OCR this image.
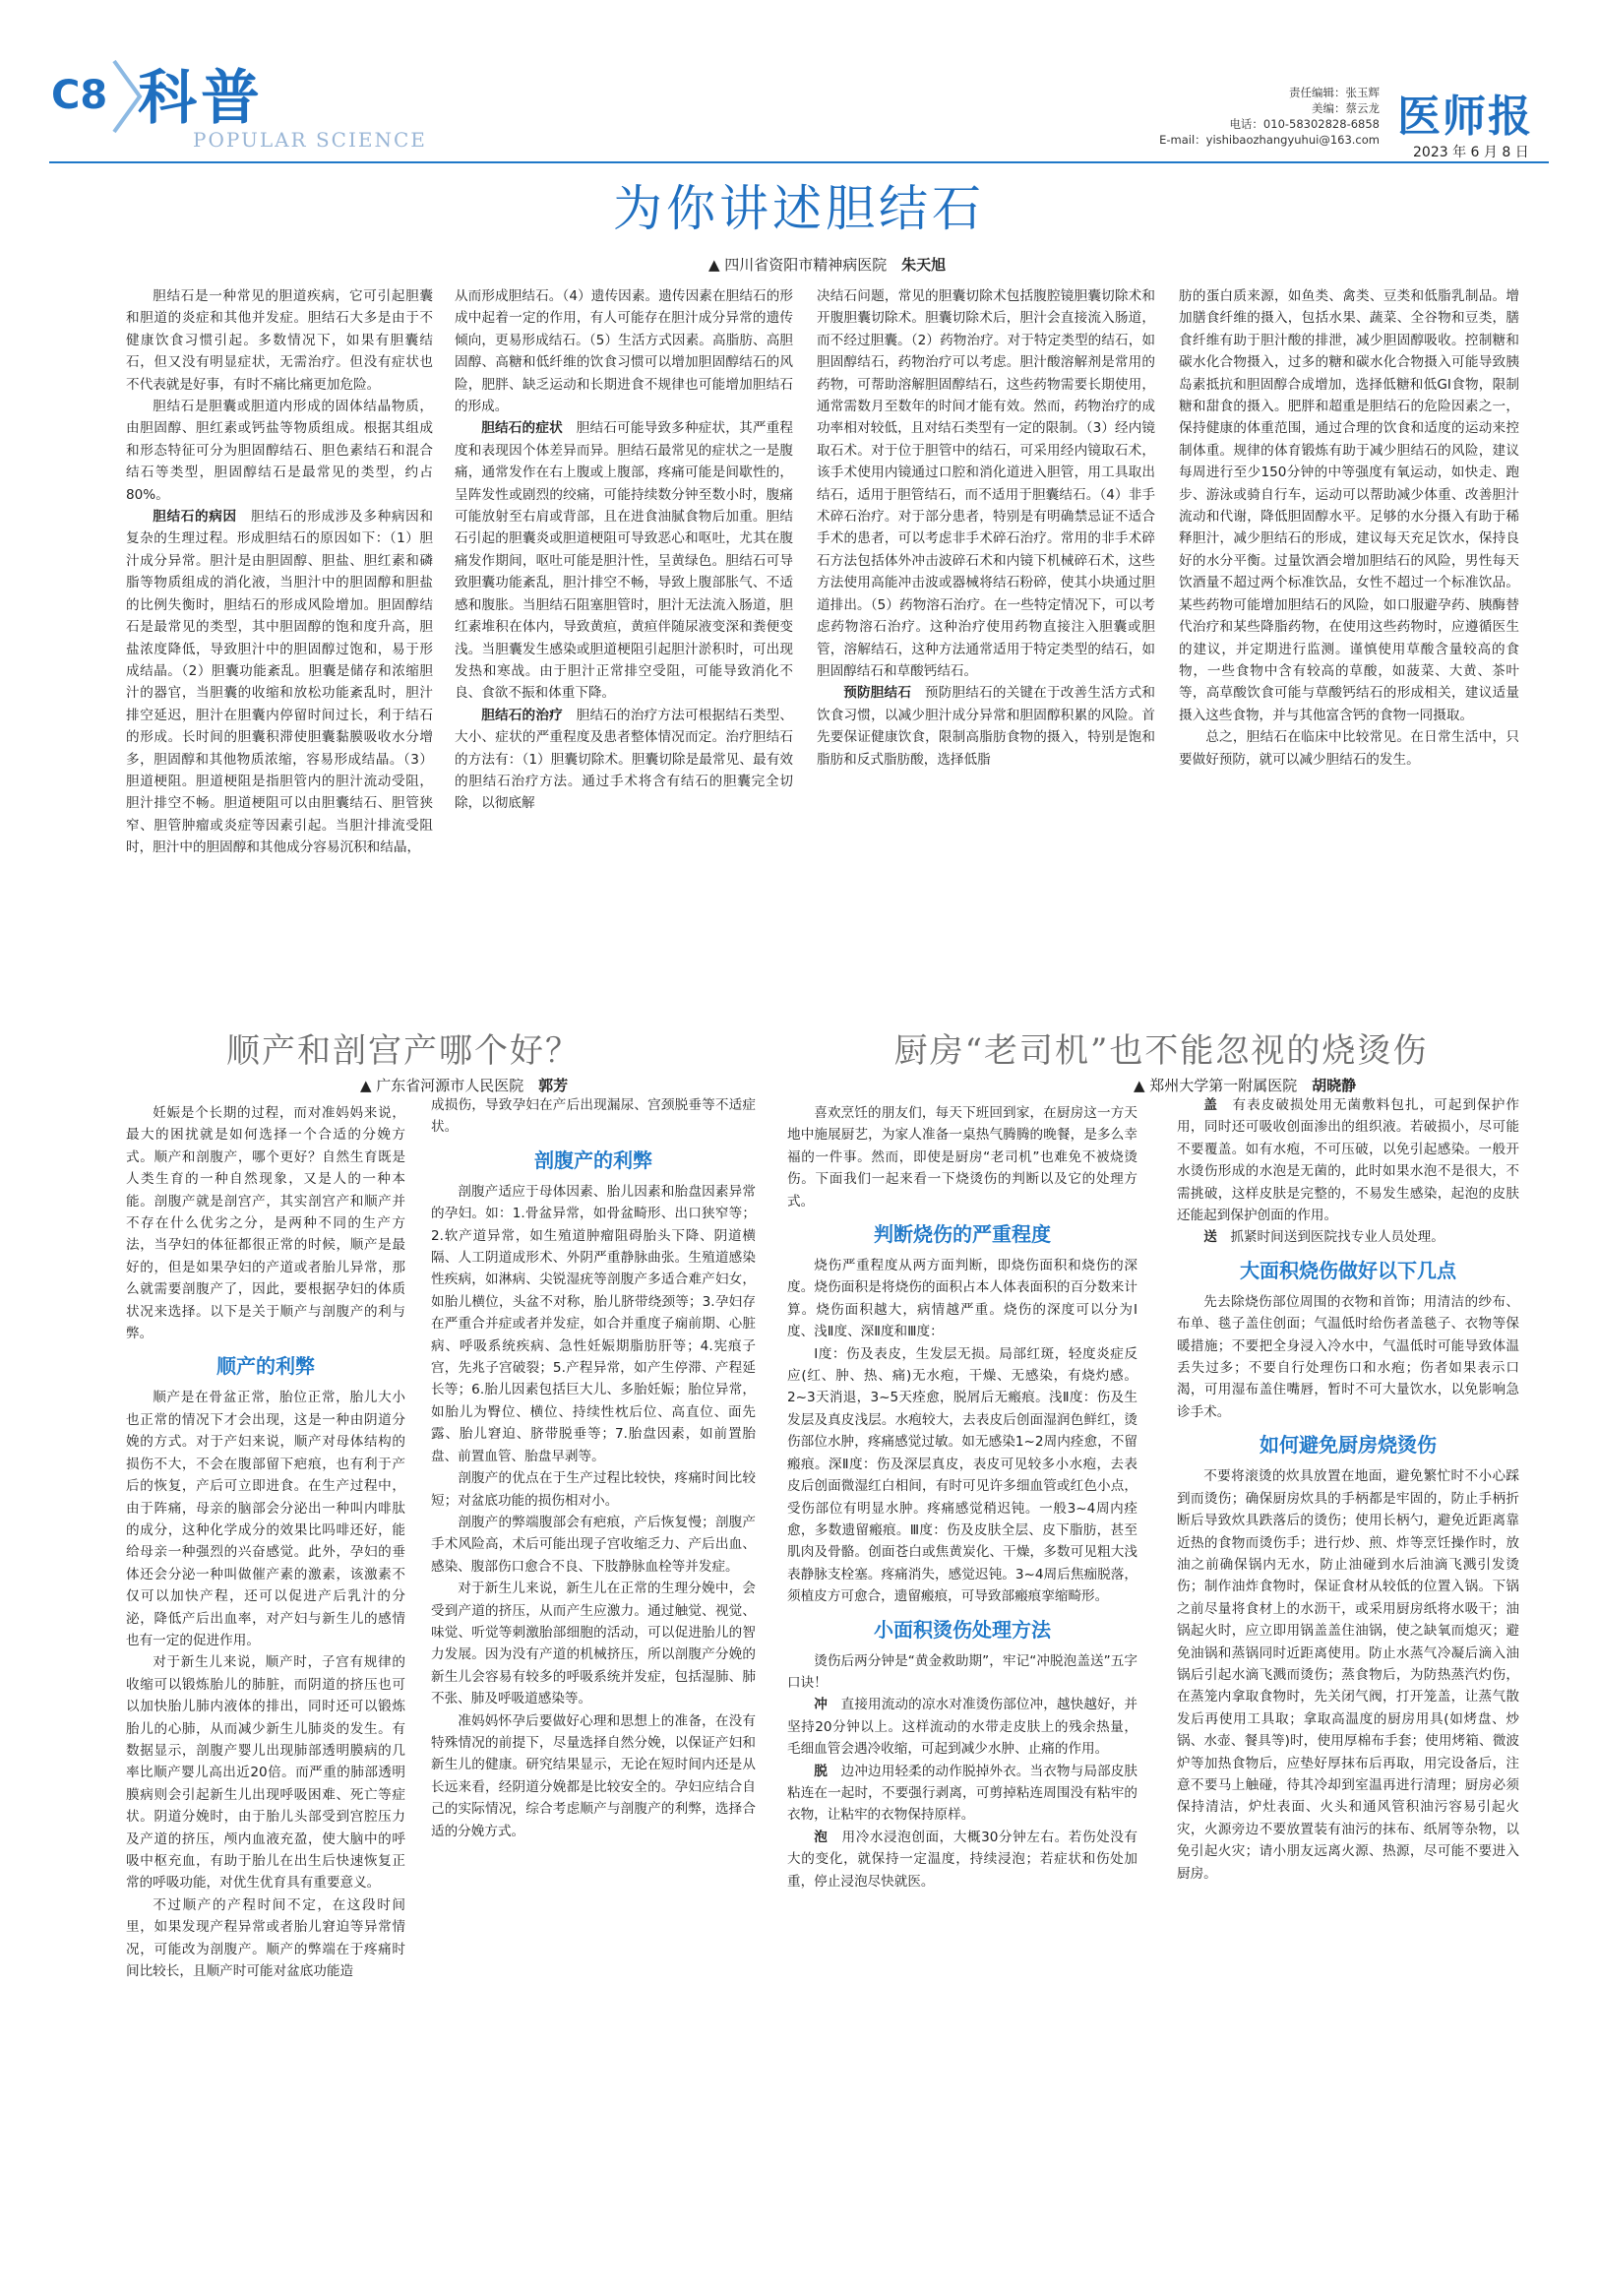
C8 科普
POPULAR SCIENCE
责任编辑：张玉辉
美编：蔡云龙
电话：010-58302828-6858
E-mail：yishibaozhangyuhui@163.com 医师报
2023 年 6 月 8 日
为你讲述胆结石
▲ 四川省资阳市精神病医院 朱天旭

胆结石是一种常见的胆道疾病，它可引起胆囊和胆道的炎症和其他并发症。胆结石大多是由于不健康饮食习惯引起。多数情况下，如果有胆囊结石，但又没有明显症状，无需治疗。但没有症状也不代表就是好事，有时不痛比痛更加危险。

胆结石是胆囊或胆道内形成的固体结晶物质，由胆固醇、胆红素或钙盐等物质组成。根据其组成和形态特征可分为胆固醇结石、胆色素结石和混合结石等类型，胆固醇结石是最常见的类型，约占80%。

胆结石的病因　 胆结石的形成涉及多种病因和复杂的生理过程。形成胆结石的原因如下：（1）胆汁成分异常。胆汁是由胆固醇、胆盐、胆红素和磷脂等物质组成的消化液，当胆汁中的胆固醇和胆盐的比例失衡时，胆结石的形成风险增加。胆固醇结石是最常见的类型，其中胆固醇的饱和度升高，胆盐浓度降低，导致胆汁中的胆固醇过饱和，易于形成结晶。（2）胆囊功能紊乱。胆囊是储存和浓缩胆汁的器官，当胆囊的收缩和放松功能紊乱时，胆汁排空延迟，胆汁在胆囊内停留时间过长，利于结石的形成。长时间的胆囊积滞使胆囊黏膜吸收水分增多，胆固醇和其他物质浓缩，容易形成结晶。（3）胆道梗阻。胆道梗阻是指胆管内的胆汁流动受阻，胆汁排空不畅。胆道梗阻可以由胆囊结石、胆管狭窄、胆管肿瘤或炎症等因素引起。当胆汁排流受阻时，胆汁中的胆固醇和其他成分容易沉积和结晶，

从而形成胆结石。（4）遗传因素。遗传因素在胆结石的形成中起着一定的作用，有人可能存在胆汁成分异常的遗传倾向，更易形成结石。（5）生活方式因素。高脂肪、高胆固醇、高糖和低纤维的饮食习惯可以增加胆固醇结石的风险，肥胖、缺乏运动和长期进食不规律也可能增加胆结石的形成。

胆结石的症状　 胆结石可能导致多种症状，其严重程度和表现因个体差异而异。胆结石最常见的症状之一是腹痛，通常发作在右上腹或上腹部，疼痛可能是间歇性的，呈阵发性或剧烈的绞痛，可能持续数分钟至数小时，腹痛可能放射至右肩或背部，且在进食油腻食物后加重。胆结石引起的胆囊炎或胆道梗阻可导致恶心和呕吐，尤其在腹痛发作期间，呕吐可能是胆汁性，呈黄绿色。胆结石可导致胆囊功能紊乱，胆汁排空不畅，导致上腹部胀气、不适感和腹胀。当胆结石阻塞胆管时，胆汁无法流入肠道，胆红素堆积在体内，导致黄疸，黄疸伴随尿液变深和粪便变浅。当胆囊发生感染或胆道梗阻引起胆汁淤积时，可出现发热和寒战。由于胆汁正常排空受阻，可能导致消化不良、食欲不振和体重下降。

胆结石的治疗　 胆结石的治疗方法可根据结石类型、大小、症状的严重程度及患者整体情况而定。治疗胆结石的方法有：（1）胆囊切除术。胆囊切除是最常见、最有效的胆结石治疗方法。通过手术将含有结石的胆囊完全切除，以彻底解

决结石问题，常见的胆囊切除术包括腹腔镜胆囊切除术和开腹胆囊切除术。胆囊切除术后，胆汁会直接流入肠道，而不经过胆囊。（2）药物治疗。对于特定类型的结石，如胆固醇结石，药物治疗可以考虑。胆汁酸溶解剂是常用的药物，可帮助溶解胆固醇结石，这些药物需要长期使用，通常需数月至数年的时间才能有效。然而，药物治疗的成功率相对较低，且对结石类型有一定的限制。（3）经内镜取石术。对于位于胆管中的结石，可采用经内镜取石术，该手术使用内镜通过口腔和消化道进入胆管，用工具取出结石，适用于胆管结石，而不适用于胆囊结石。（4）非手术碎石治疗。对于部分患者，特别是有明确禁忌证不适合手术的患者，可以考虑非手术碎石治疗。常用的非手术碎石方法包括体外冲击波碎石术和内镜下机械碎石术，这些方法使用高能冲击波或器械将结石粉碎，使其小块通过胆道排出。（5）药物溶石治疗。在一些特定情况下，可以考虑药物溶石治疗。这种治疗使用药物直接注入胆囊或胆管，溶解结石，这种方法通常适用于特定类型的结石，如胆固醇结石和草酸钙结石。

预防胆结石　 预防胆结石的关键在于改善生活方式和饮食习惯，以减少胆汁成分异常和胆固醇积累的风险。首先要保证健康饮食，限制高脂肪食物的摄入，特别是饱和脂肪和反式脂肪酸，选择低脂

肪的蛋白质来源，如鱼类、禽类、豆类和低脂乳制品。增加膳食纤维的摄入，包括水果、蔬菜、全谷物和豆类，膳食纤维有助于胆汁酸的排泄，减少胆固醇吸收。控制糖和碳水化合物摄入，过多的糖和碳水化合物摄入可能导致胰岛素抵抗和胆固醇合成增加，选择低糖和低GI食物，限制糖和甜食的摄入。肥胖和超重是胆结石的危险因素之一，保持健康的体重范围，通过合理的饮食和适度的运动来控制体重。规律的体育锻炼有助于减少胆结石的风险，建议每周进行至少150分钟的中等强度有氧运动，如快走、跑步、游泳或骑自行车，运动可以帮助减少体重、改善胆汁流动和代谢，降低胆固醇水平。足够的水分摄入有助于稀释胆汁，减少胆结石的形成，建议每天充足饮水，保持良好的水分平衡。过量饮酒会增加胆结石的风险，男性每天饮酒量不超过两个标准饮品，女性不超过一个标准饮品。某些药物可能增加胆结石的风险，如口服避孕药、胰酶替代治疗和某些降脂药物，在使用这些药物时，应遵循医生的建议，并定期进行监测。谨慎使用草酸含量较高的食物，一些食物中含有较高的草酸，如菠菜、大黄、茶叶等，高草酸饮食可能与草酸钙结石的形成相关，建议适量摄入这些食物，并与其他富含钙的食物一同摄取。

总之，胆结石在临床中比较常见。在日常生活中，只要做好预防，就可以减少胆结石的发生。

顺产和剖宫产哪个好？
▲ 广东省河源市人民医院 郭芳

妊娠是个长期的过程，而对准妈妈来说，最大的困扰就是如何选择一个合适的分娩方式。顺产和剖腹产，哪个更好？自然生育既是人类生育的一种自然现象，又是人的一种本能。剖腹产就是剖宫产，其实剖宫产和顺产并不存在什么优劣之分，是两种不同的生产方法，当孕妇的体征都很正常的时候，顺产是最好的，但是如果孕妇的产道或者胎儿异常，那么就需要剖腹产了，因此，要根据孕妇的体质状况来选择。以下是关于顺产与剖腹产的利与弊。

顺产的利弊

顺产是在骨盆正常，胎位正常，胎儿大小也正常的情况下才会出现，这是一种由阴道分娩的方式。对于产妇来说，顺产对母体结构的损伤不大，不会在腹部留下疤痕，也有利于产后的恢复，产后可立即进食。在生产过程中，由于阵痛，母亲的脑部会分泌出一种叫内啡肽的成分，这种化学成分的效果比吗啡还好，能给母亲一种强烈的兴奋感觉。此外，孕妇的垂体还会分泌一种叫做催产素的激素，该激素不仅可以加快产程，还可以促进产后乳汁的分泌，降低产后出血率，对产妇与新生儿的感情也有一定的促进作用。

对于新生儿来说，顺产时，子宫有规律的收缩可以锻炼胎儿的肺脏，而阴道的挤压也可以加快胎儿肺内液体的排出，同时还可以锻炼胎儿的心肺，从而减少新生儿肺炎的发生。有数据显示，剖腹产婴儿出现肺部透明膜病的几率比顺产婴儿高出近20倍。而严重的肺部透明膜病则会引起新生儿出现呼吸困难、死亡等症状。阴道分娩时，由于胎儿头部受到宫腔压力及产道的挤压，颅内血液充盈，使大脑中的呼吸中枢充血，有助于胎儿在出生后快速恢复正常的呼吸功能，对优生优育具有重要意义。

不过顺产的产程时间不定，在这段时间里，如果发现产程异常或者胎儿窘迫等异常情况，可能改为剖腹产。顺产的弊端在于疼痛时间比较长，且顺产时可能对盆底功能造

成损伤，导致孕妇在产后出现漏尿、宫颈脱垂等不适症状。

剖腹产的利弊

剖腹产适应于母体因素、胎儿因素和胎盘因素异常的孕妇。如：1.骨盆异常，如骨盆畸形、出口狭窄等；2.软产道异常，如生殖道肿瘤阻碍胎头下降、阴道横隔、人工阴道成形术、外阴严重静脉曲张。生殖道感染性疾病，如淋病、尖锐湿疣等剖腹产多适合难产妇女，如胎儿横位，头盆不对称，胎儿脐带绕颈等；3.孕妇存在严重合并症或者并发症，如合并重度子痫前期、心脏病、呼吸系统疾病、急性妊娠期脂肪肝等；4.宪痕子宫，先兆子宫破裂；5.产程异常，如产生停滞、产程延长等；6.胎儿因素包括巨大儿、多胎妊娠；胎位异常，如胎儿为臀位、横位、持续性枕后位、高直位、面先露、胎儿窘迫、脐带脱垂等；7.胎盘因素，如前置胎盘、前置血管、胎盘早剥等。

剖腹产的优点在于生产过程比较快，疼痛时间比较短；对盆底功能的损伤相对小。

剖腹产的弊端腹部会有疤痕，产后恢复慢；剖腹产手术风险高，术后可能出现子宫收缩乏力、产后出血、感染、腹部伤口愈合不良、下肢静脉血栓等并发症。

对于新生儿来说，新生儿在正常的生理分娩中，会受到产道的挤压，从而产生应激力。通过触觉、视觉、味觉、听觉等刺激胎部细胞的活动，可以促进胎儿的智力发展。因为没有产道的机械挤压，所以剖腹产分娩的新生儿会容易有较多的呼吸系统并发症，包括湿肺、肺不张、肺及呼吸道感染等。

准妈妈怀孕后要做好心理和思想上的准备，在没有特殊情况的前提下，尽量选择自然分娩，以保证产妇和新生儿的健康。研究结果显示，无论在短时间内还是从长远来看，经阴道分娩都是比较安全的。孕妇应结合自己的实际情况，综合考虑顺产与剖腹产的利弊，选择合适的分娩方式。

厨房“老司机”也不能忽视的烧烫伤
▲ 郑州大学第一附属医院 胡晓静

喜欢烹饪的朋友们，每天下班回到家，在厨房这一方天地中施展厨艺，为家人准备一桌热气腾腾的晚餐，是多么幸福的一件事。然而，即使是厨房“老司机”也难免不被烧烫伤。下面我们一起来看一下烧烫伤的判断以及它的处理方式。

判断烧伤的严重程度

烧伤严重程度从两方面判断，即烧伤面积和烧伤的深度。烧伤面积是将烧伤的面积占本人体表面积的百分数来计算。烧伤面积越大，病情越严重。烧伤的深度可以分为Ⅰ度、浅Ⅱ度、深Ⅱ度和Ⅲ度：

Ⅰ度：伤及表皮，生发层无损。局部红斑，轻度炎症反应(红、肿、热、痛)无水疱，干燥、无感染，有烧灼感。2~3天消退，3~5天痊愈，脱屑后无瘢痕。浅Ⅱ度：伤及生发层及真皮浅层。水疱较大，去表皮后创面湿润色鲜红，烫伤部位水肿，疼痛感觉过敏。如无感染1~2周内痊愈，不留瘢痕。深Ⅱ度：伤及深层真皮，表皮可见较多小水疱，去表皮后创面微湿红白相间，有时可见许多细血管或红色小点，受伤部位有明显水肿。疼痛感觉稍迟钝。一般3~4周内痊愈，多数遗留瘢痕。Ⅲ度：伤及皮肤全层、皮下脂肪，甚至肌肉及骨骼。创面苍白或焦黄炭化、干燥，多数可见粗大浅表静脉支栓塞。疼痛消失，感觉迟钝。3~4周后焦痂脱落，须植皮方可愈合，遗留瘢痕，可导致部瘢痕挛缩畸形。

小面积烫伤处理方法

烫伤后两分钟是“黄金救助期”，牢记“冲脱泡盖送”五字口诀！

冲　 直接用流动的凉水对准烫伤部位冲，越快越好，并坚持20分钟以上。这样流动的水带走皮肤上的残余热量，毛细血管会遇冷收缩，可起到减少水肿、止痛的作用。

脱　 边冲边用轻柔的动作脱掉外衣。当衣物与局部皮肤粘连在一起时，不要强行剥离，可剪掉粘连周围没有粘牢的衣物，让粘牢的衣物保持原样。

泡　 用冷水浸泡创面，大概30分钟左右。若伤处没有大的变化，就保持一定温度，持续浸泡；若症状和伤处加重，停止浸泡尽快就医。

盖　 有表皮破损处用无菌敷料包扎，可起到保护作用，同时还可吸收创面渗出的组织液。若破损小，尽可能不要覆盖。如有水疱，不可压破，以免引起感染。一般开水烫伤形成的水泡是无菌的，此时如果水泡不是很大，不需挑破，这样皮肤是完整的，不易发生感染，起泡的皮肤还能起到保护创面的作用。

送　 抓紧时间送到医院找专业人员处理。

大面积烧伤做好以下几点

先去除烧伤部位周围的衣物和首饰；用清洁的纱布、布单、毯子盖住创面；气温低时给伤者盖毯子、衣物等保暖措施；不要把全身浸入冷水中，气温低时可能导致体温丢失过多；不要自行处理伤口和水疱；伤者如果表示口渴，可用湿布盖住嘴唇，暂时不可大量饮水，以免影响急诊手术。

如何避免厨房烧烫伤

不要将滚烫的炊具放置在地面，避免繁忙时不小心踩到而烫伤；确保厨房炊具的手柄都是牢固的，防止手柄折断后导致炊具跌落后的烫伤；使用长柄勺，避免近距离靠近热的食物而烫伤手；进行炒、煎、炸等烹饪操作时，放油之前确保锅内无水，防止油碰到水后油滴飞溅引发烫伤；制作油炸食物时，保证食材从较低的位置入锅。下锅之前尽量将食材上的水沥干，或采用厨房纸将水吸干；油锅起火时，应立即用锅盖盖住油锅，使之缺氧而熄灭；避免油锅和蒸锅同时近距离使用。防止水蒸气冷凝后滴入油锅后引起水滴飞溅而烫伤；蒸食物后，为防热蒸汽灼伤，在蒸笼内拿取食物时，先关闭气阀，打开笼盖，让蒸气散发后再使用工具取；拿取高温度的厨房用具(如烤盘、炒锅、水壶、餐具等)时，使用厚棉布手套；使用烤箱、微波炉等加热食物后，应垫好厚抹布后再取，用完设备后，注意不要马上触碰，待其冷却到室温再进行清理；厨房必须保持清洁，炉灶表面、火头和通风管积油污容易引起火灾，火源旁边不要放置装有油污的抹布、纸屑等杂物，以免引起火灾；请小朋友远离火源、热源，尽可能不要进入厨房。
